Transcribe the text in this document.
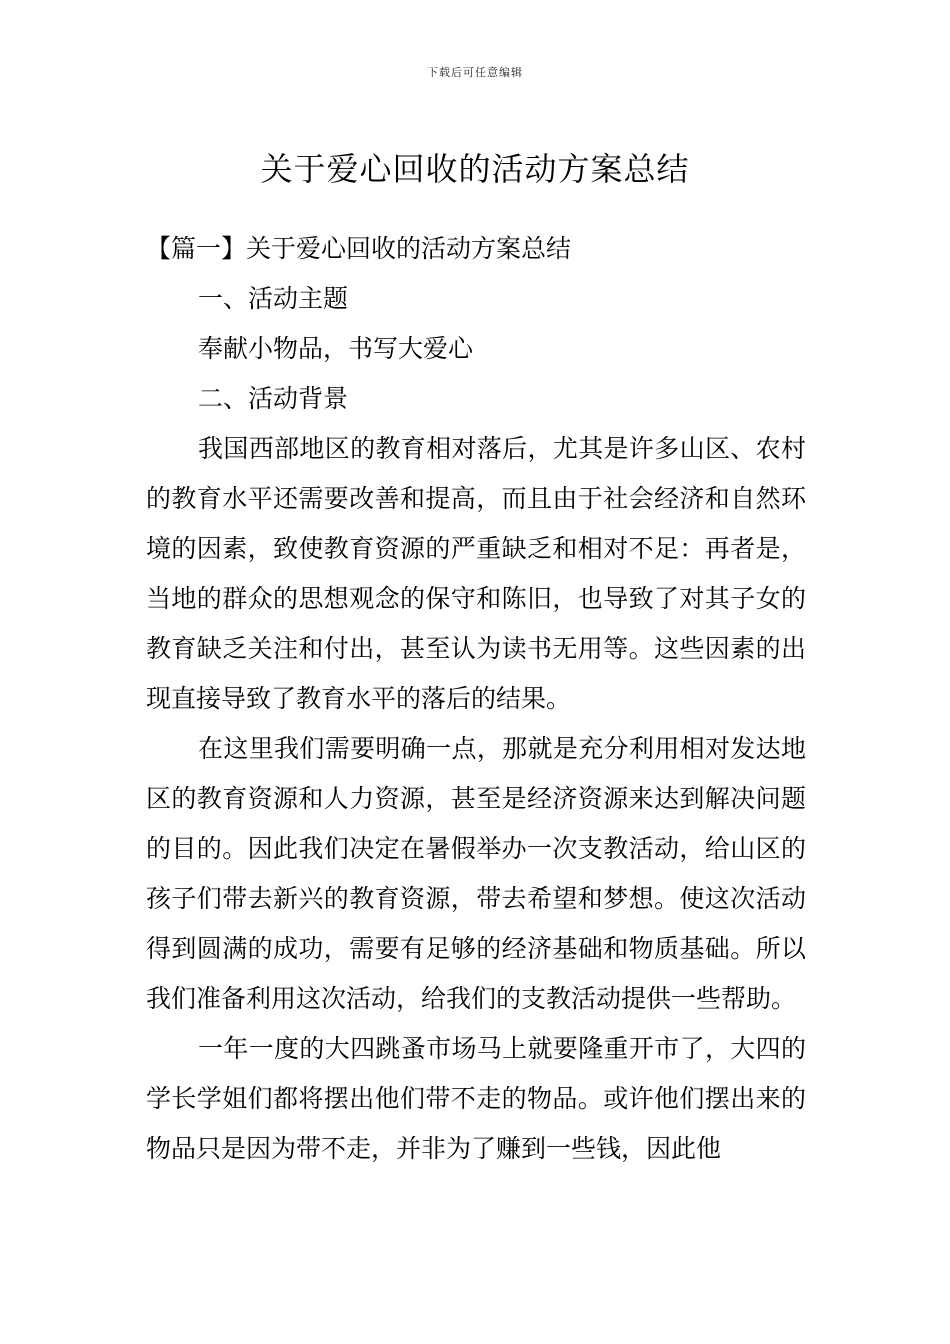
下载后可任意编辑
关于爱心回收的活动方案总结

【篇一】关于爱心回收的活动方案总结

一、活动主题

奉献小物品，书写大爱心

二、活动背景

我国西部地区的教育相对落后，尤其是许多山区、农村的教育水平还需要改善和提高，而且由于社会经济和自然环境的因素，致使教育资源的严重缺乏和相对不足：再者是，当地的群众的思想观念的保守和陈旧，也导致了对其子女的教育缺乏关注和付出，甚至认为读书无用等。这些因素的出现直接导致了教育水平的落后的结果。

在这里我们需要明确一点，那就是充分利用相对发达地区的教育资源和人力资源，甚至是经济资源来达到解决问题的目的。因此我们决定在暑假举办一次支教活动，给山区的孩子们带去新兴的教育资源，带去希望和梦想。使这次活动得到圆满的成功，需要有足够的经济基础和物质基础。所以我们准备利用这次活动，给我们的支教活动提供一些帮助。

一年一度的大四跳蚤市场马上就要隆重开市了，大四的学长学姐们都将摆出他们带不走的物品。或许他们摆出来的物品只是因为带不走，并非为了赚到一些钱，因此他
